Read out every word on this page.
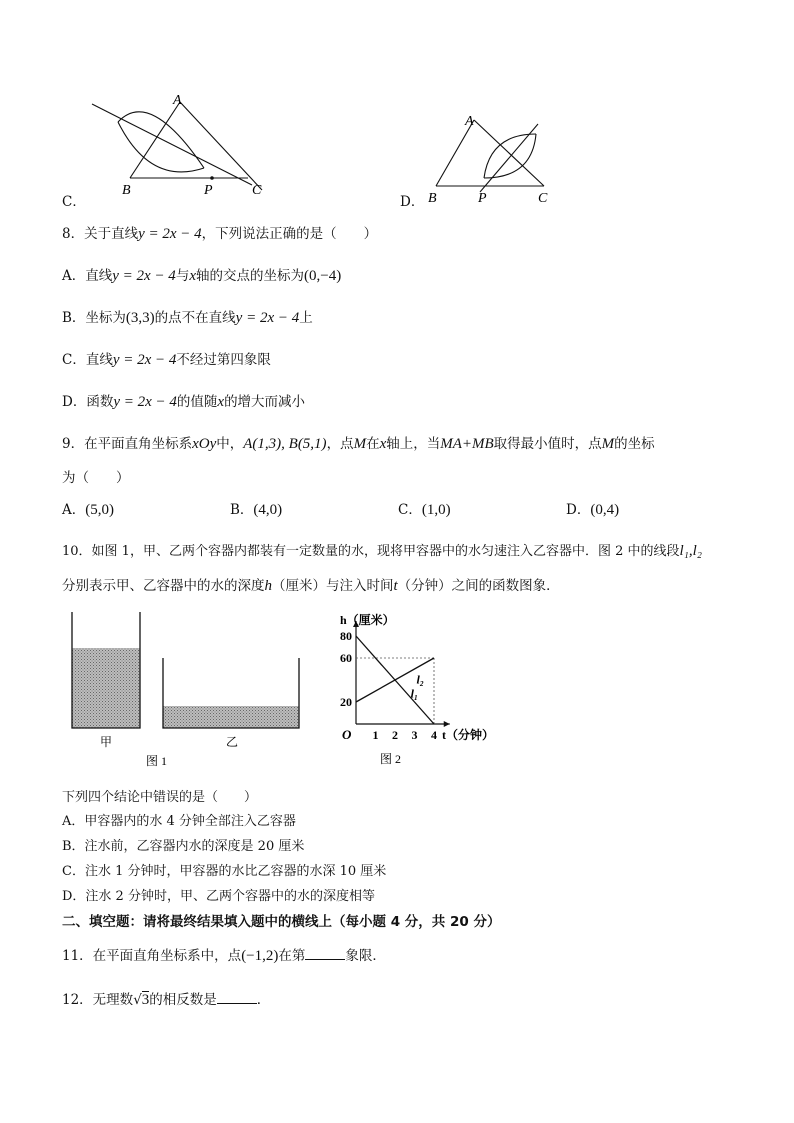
A
B	P	C
C．
A
B	P	C
D．
8．关于直线y = 2x − 4，下列说法正确的是（　　）
A．直线y = 2x − 4与x轴的交点的坐标为(0,−4)
B．坐标为(3,3)的点不在直线y = 2x − 4上
C．直线y = 2x − 4不经过第四象限
D．函数y = 2x − 4的值随x的增大而减小
9．在平面直角坐标系xOy中，A(1,3), B(5,1)，点M在x轴上，当MA+MB取得最小值时，点M的坐标
为（　　）
A．(5,0)	B．(4,0)	C．(1,0)	D．(0,4)
10．如图 1，甲、乙两个容器内都装有一定数量的水，现将甲容器中的水匀速注入乙容器中．图 2 中的线段l₁,l₂
分别表示甲、乙容器中的水的深度h（厘米）与注入时间t（分钟）之间的函数图象．
甲	乙
图 1
1 2 3 4
20
60
80
O
h（厘米）
t（分钟）
l₂
l₁
图 2
下列四个结论中错误的是（　　）
A．甲容器内的水 4 分钟全部注入乙容器
B．注水前，乙容器内水的深度是 20 厘米
C．注水 1 分钟时，甲容器的水比乙容器的水深 10 厘米
D．注水 2 分钟时，甲、乙两个容器中的水的深度相等
二、填空题：请将最终结果填入题中的横线上（每小题 4 分，共 20 分）
11．在平面直角坐标系中，点(−1,2)在第	象限．
12．无理数√3的相反数是	．
